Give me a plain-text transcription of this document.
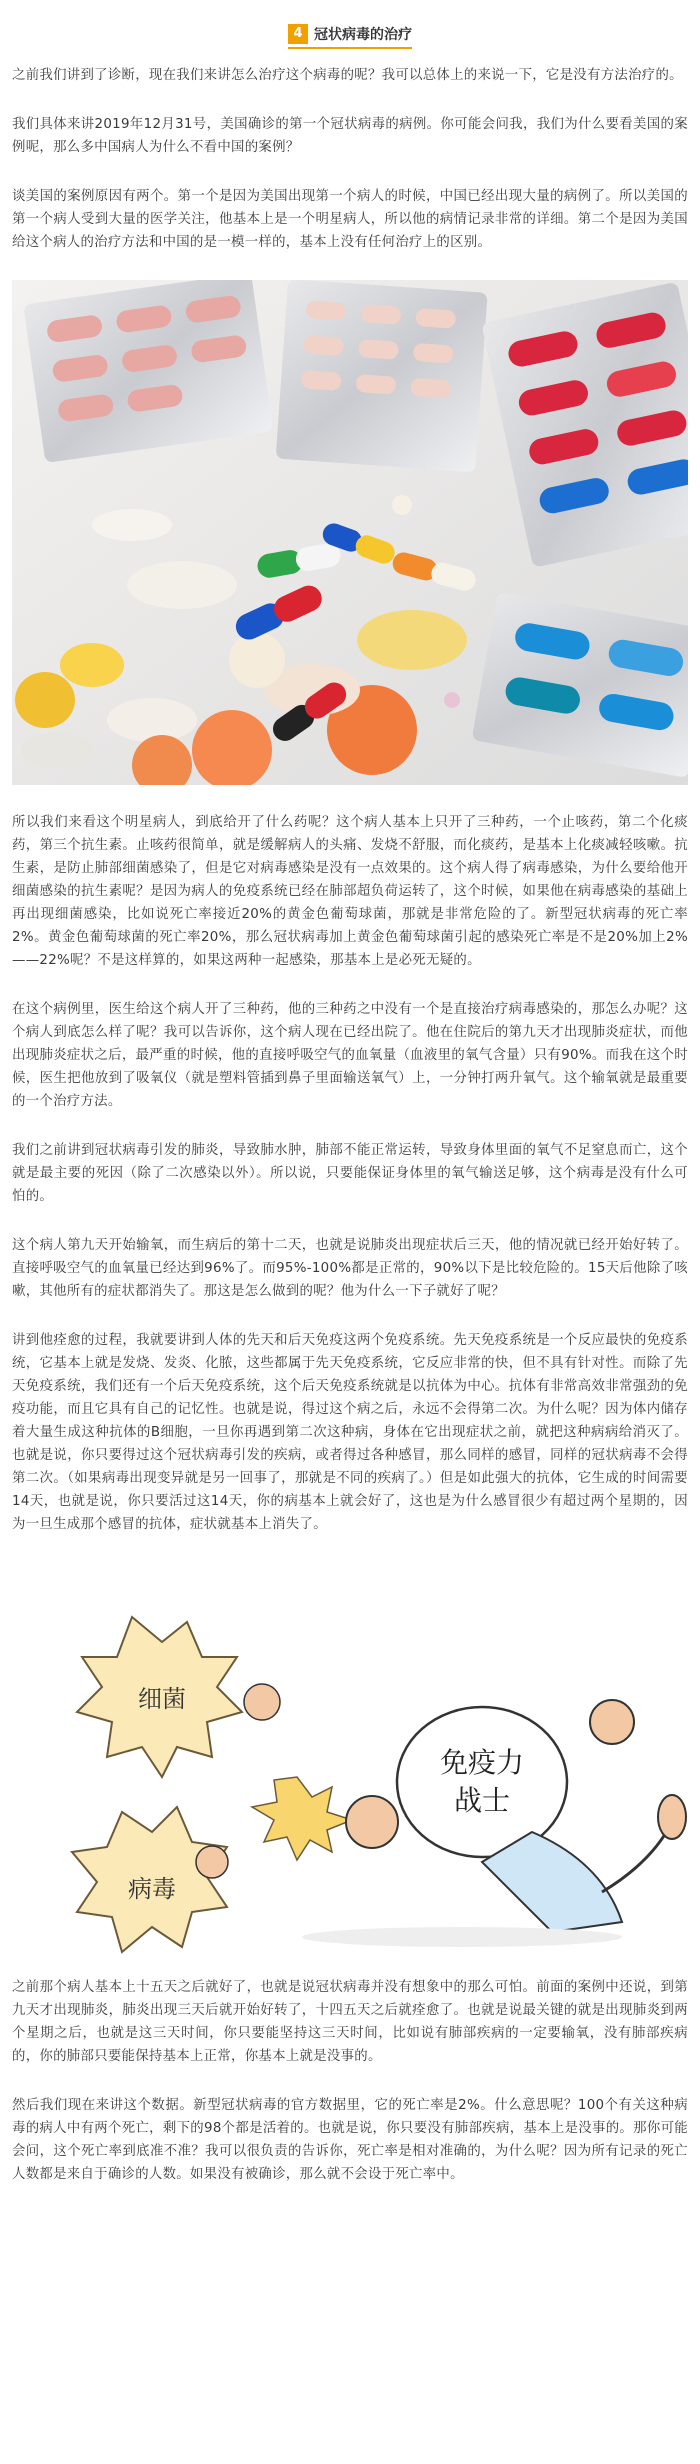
4 冠状病毒的治疗

之前我们讲到了诊断，现在我们来讲怎么治疗这个病毒的呢？我可以总体上的来说一下，它是没有方法治疗的。

我们具体来讲2019年12月31号，美国确诊的第一个冠状病毒的病例。你可能会问我，我们为什么要看美国的案例呢，那么多中国病人为什么不看中国的案例？

谈美国的案例原因有两个。第一个是因为美国出现第一个病人的时候，中国已经出现大量的病例了。所以美国的第一个病人受到大量的医学关注，他基本上是一个明星病人，所以他的病情记录非常的详细。第二个是因为美国给这个病人的治疗方法和中国的是一模一样的，基本上没有任何治疗上的区别。

所以我们来看这个明星病人，到底给开了什么药呢？这个病人基本上只开了三种药，一个止咳药，第二个化痰药，第三个抗生素。止咳药很简单，就是缓解病人的头痛、发烧不舒服，而化痰药，是基本上化痰减轻咳嗽。抗生素，是防止肺部细菌感染了，但是它对病毒感染是没有一点效果的。这个病人得了病毒感染，为什么要给他开细菌感染的抗生素呢？是因为病人的免疫系统已经在肺部超负荷运转了，这个时候，如果他在病毒感染的基础上再出现细菌感染，比如说死亡率接近20%的黄金色葡萄球菌，那就是非常危险的了。新型冠状病毒的死亡率2%。黄金色葡萄球菌的死亡率20%，那么冠状病毒加上黄金色葡萄球菌引起的感染死亡率是不是20%加上2%——22%呢？不是这样算的，如果这两种一起感染，那基本上是必死无疑的。

在这个病例里，医生给这个病人开了三种药，他的三种药之中没有一个是直接治疗病毒感染的，那怎么办呢？这个病人到底怎么样了呢？我可以告诉你，这个病人现在已经出院了。他在住院后的第九天才出现肺炎症状，而他出现肺炎症状之后，最严重的时候，他的直接呼吸空气的血氧量（血液里的氧气含量）只有90%。而我在这个时候，医生把他放到了吸氧仪（就是塑料管插到鼻子里面输送氧气）上，一分钟打两升氧气。这个输氧就是最重要的一个治疗方法。

我们之前讲到冠状病毒引发的肺炎，导致肺水肿，肺部不能正常运转，导致身体里面的氧气不足窒息而亡，这个就是最主要的死因（除了二次感染以外）。所以说，只要能保证身体里的氧气输送足够，这个病毒是没有什么可怕的。

这个病人第九天开始输氧，而生病后的第十二天，也就是说肺炎出现症状后三天，他的情况就已经开始好转了。直接呼吸空气的血氧量已经达到96%了。而95%-100%都是正常的，90%以下是比较危险的。15天后他除了咳嗽，其他所有的症状都消失了。那这是怎么做到的呢？他为什么一下子就好了呢？

讲到他痊愈的过程，我就要讲到人体的先天和后天免疫这两个免疫系统。先天免疫系统是一个反应最快的免疫系统，它基本上就是发烧、发炎、化脓，这些都属于先天免疫系统，它反应非常的快，但不具有针对性。而除了先天免疫系统，我们还有一个后天免疫系统，这个后天免疫系统就是以抗体为中心。抗体有非常高效非常强劲的免疫功能，而且它具有自己的记忆性。也就是说，得过这个病之后，永远不会得第二次。为什么呢？因为体内储存着大量生成这种抗体的B细胞，一旦你再遇到第二次这种病，身体在它出现症状之前，就把这种病病给消灭了。也就是说，你只要得过这个冠状病毒引发的疾病，或者得过各种感冒，那么同样的感冒，同样的冠状病毒不会得第二次。（如果病毒出现变异就是另一回事了，那就是不同的疾病了。）但是如此强大的抗体，它生成的时间需要14天，也就是说，你只要活过这14天，你的病基本上就会好了，这也是为什么感冒很少有超过两个星期的，因为一旦生成那个感冒的抗体，症状就基本上消失了。

细菌
病毒
免疫力
战士

之前那个病人基本上十五天之后就好了，也就是说冠状病毒并没有想象中的那么可怕。前面的案例中还说，到第九天才出现肺炎，肺炎出现三天后就开始好转了，十四五天之后就痊愈了。也就是说最关键的就是出现肺炎到两个星期之后，也就是这三天时间，你只要能坚持这三天时间，比如说有肺部疾病的一定要输氧，没有肺部疾病的，你的肺部只要能保持基本上正常，你基本上就是没事的。

然后我们现在来讲这个数据。新型冠状病毒的官方数据里，它的死亡率是2%。什么意思呢？100个有关这种病毒的病人中有两个死亡，剩下的98个都是活着的。也就是说，你只要没有肺部疾病，基本上是没事的。那你可能会问，这个死亡率到底准不准？我可以很负责的告诉你，死亡率是相对准确的，为什么呢？因为所有记录的死亡人数都是来自于确诊的人数。如果没有被确诊，那么就不会设于死亡率中。
